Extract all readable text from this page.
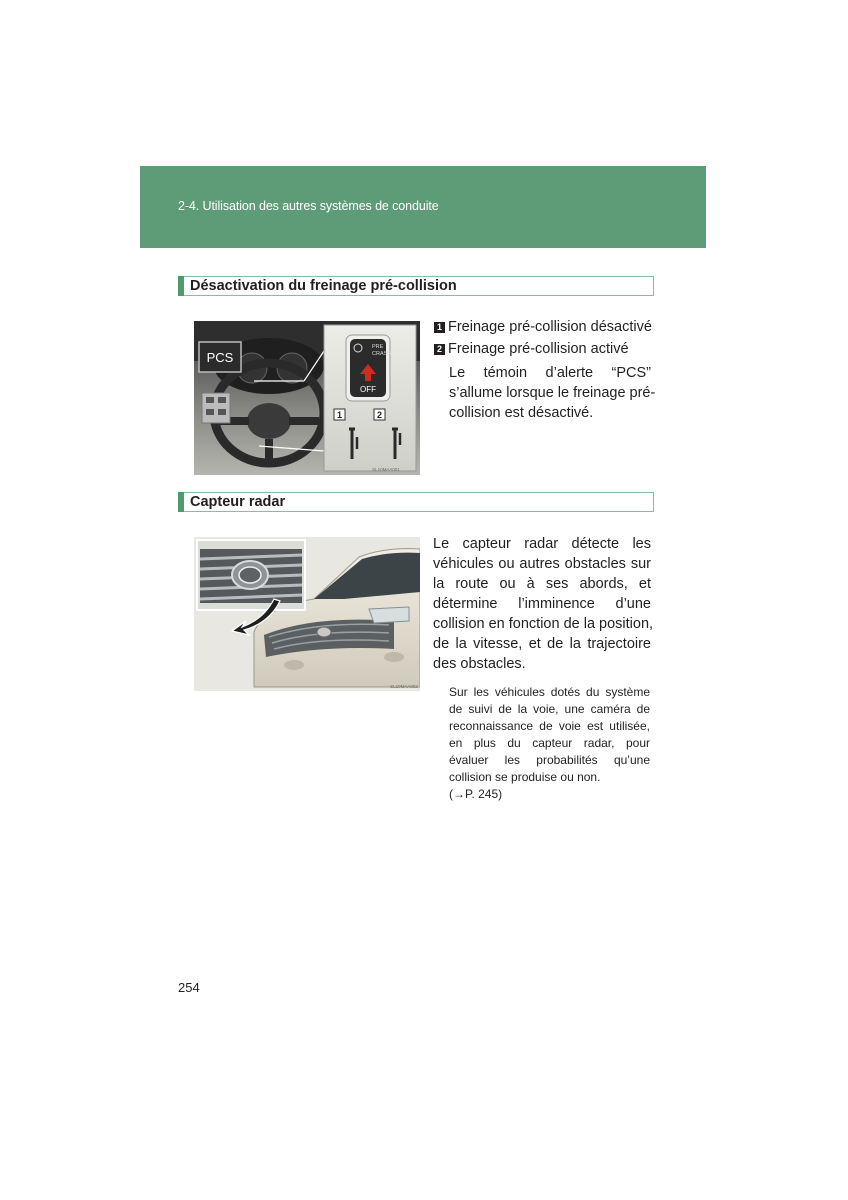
2-4. Utilisation des autres systèmes de conduite
Désactivation du freinage pré-collision
PCS
PRE
CRASH
OFF
1	2
SL10MAA001
1 Freinage pré-collision désactivé
2 Freinage pré-collision activé
Le témoin d’alerte “PCS”
s’allume lorsque le freinage pré-
collision est désactivé.
Capteur radar
SL10MAA002
Le capteur radar détecte les
véhicules ou autres obstacles sur
la route ou à ses abords, et
détermine l’imminence d’une
collision en fonction de la position,
de la vitesse, et de la trajectoire
des obstacles.
Sur les véhicules dotés du système
de suivi de la voie, une caméra de
reconnaissance de voie est utilisée,
en plus du capteur radar, pour
évaluer les probabilités qu’une
collision se produise ou non.
(→P. 245)
254
